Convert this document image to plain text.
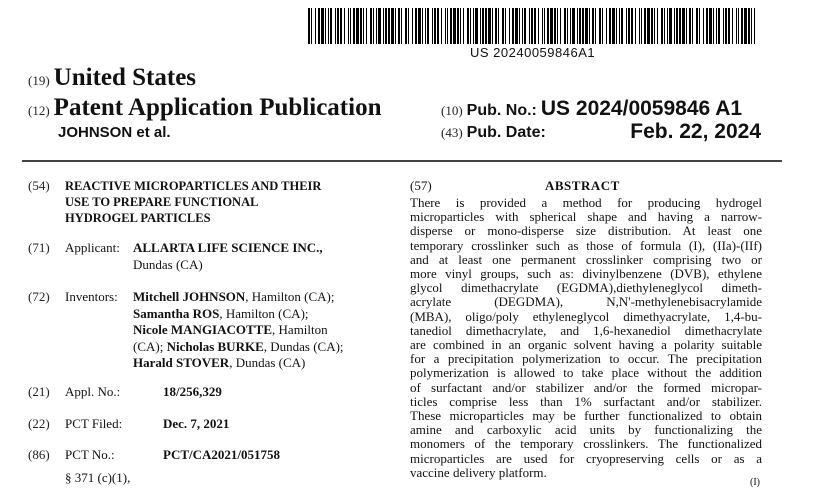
US 20240059846A1
(19) United States
(12) Patent Application Publication
JOHNSON et al.
(10) Pub. No.: US 2024/0059846 A1
(43) Pub. Date:	Feb. 22, 2024
(54) REACTIVE MICROPARTICLES AND THEIR
USE TO PREPARE FUNCTIONAL
HYDROGEL PARTICLES
(71) Applicant: ALLARTA LIFE SCIENCE INC.,
Dundas (CA)
(72) Inventors: Mitchell JOHNSON, Hamilton (CA);
Samantha ROS, Hamilton (CA);
Nicole MANGIACOTTE, Hamilton
(CA); Nicholas BURKE, Dundas (CA);
Harald STOVER, Dundas (CA)
(21) Appl. No.:	18/256,329
(22) PCT Filed:	Dec. 7, 2021
(86) PCT No.:	PCT/CA2021/051758
§ 371 (c)(1),
(57)	ABSTRACT
There is provided a method for producing hydrogel
microparticles with spherical shape and having a narrow-
disperse or mono-disperse size distribution. At least one
temporary crosslinker such as those of formula (I), (IIa)-(IIf)
and at least one permanent crosslinker comprising two or
more vinyl groups, such as: divinylbenzene (DVB), ethylene
glycol dimethacrylate (EGDMA),diethyleneglycol dimeth-
acrylate (DEGDMA), N,N'-methylenebisacrylamide
(MBA), oligo/poly ethyleneglycol dimethyacrylate, 1,4-bu-
tanediol dimethacrylate, and 1,6-hexanediol dimethacrylate
are combined in an organic solvent having a polarity suitable
for a precipitation polymerization to occur. The precipitation
polymerization is allowed to take place without the addition
of surfactant and/or stabilizer and/or the formed micropar-
ticles comprise less than 1% surfactant and/or stabilizer.
These microparticles may be further functionalized to obtain
amine and carboxylic acid units by functionalizing the
monomers of the temporary crosslinkers. The functionalized
microparticles are used for cryopreserving cells or as a
vaccine delivery platform.
(I)
